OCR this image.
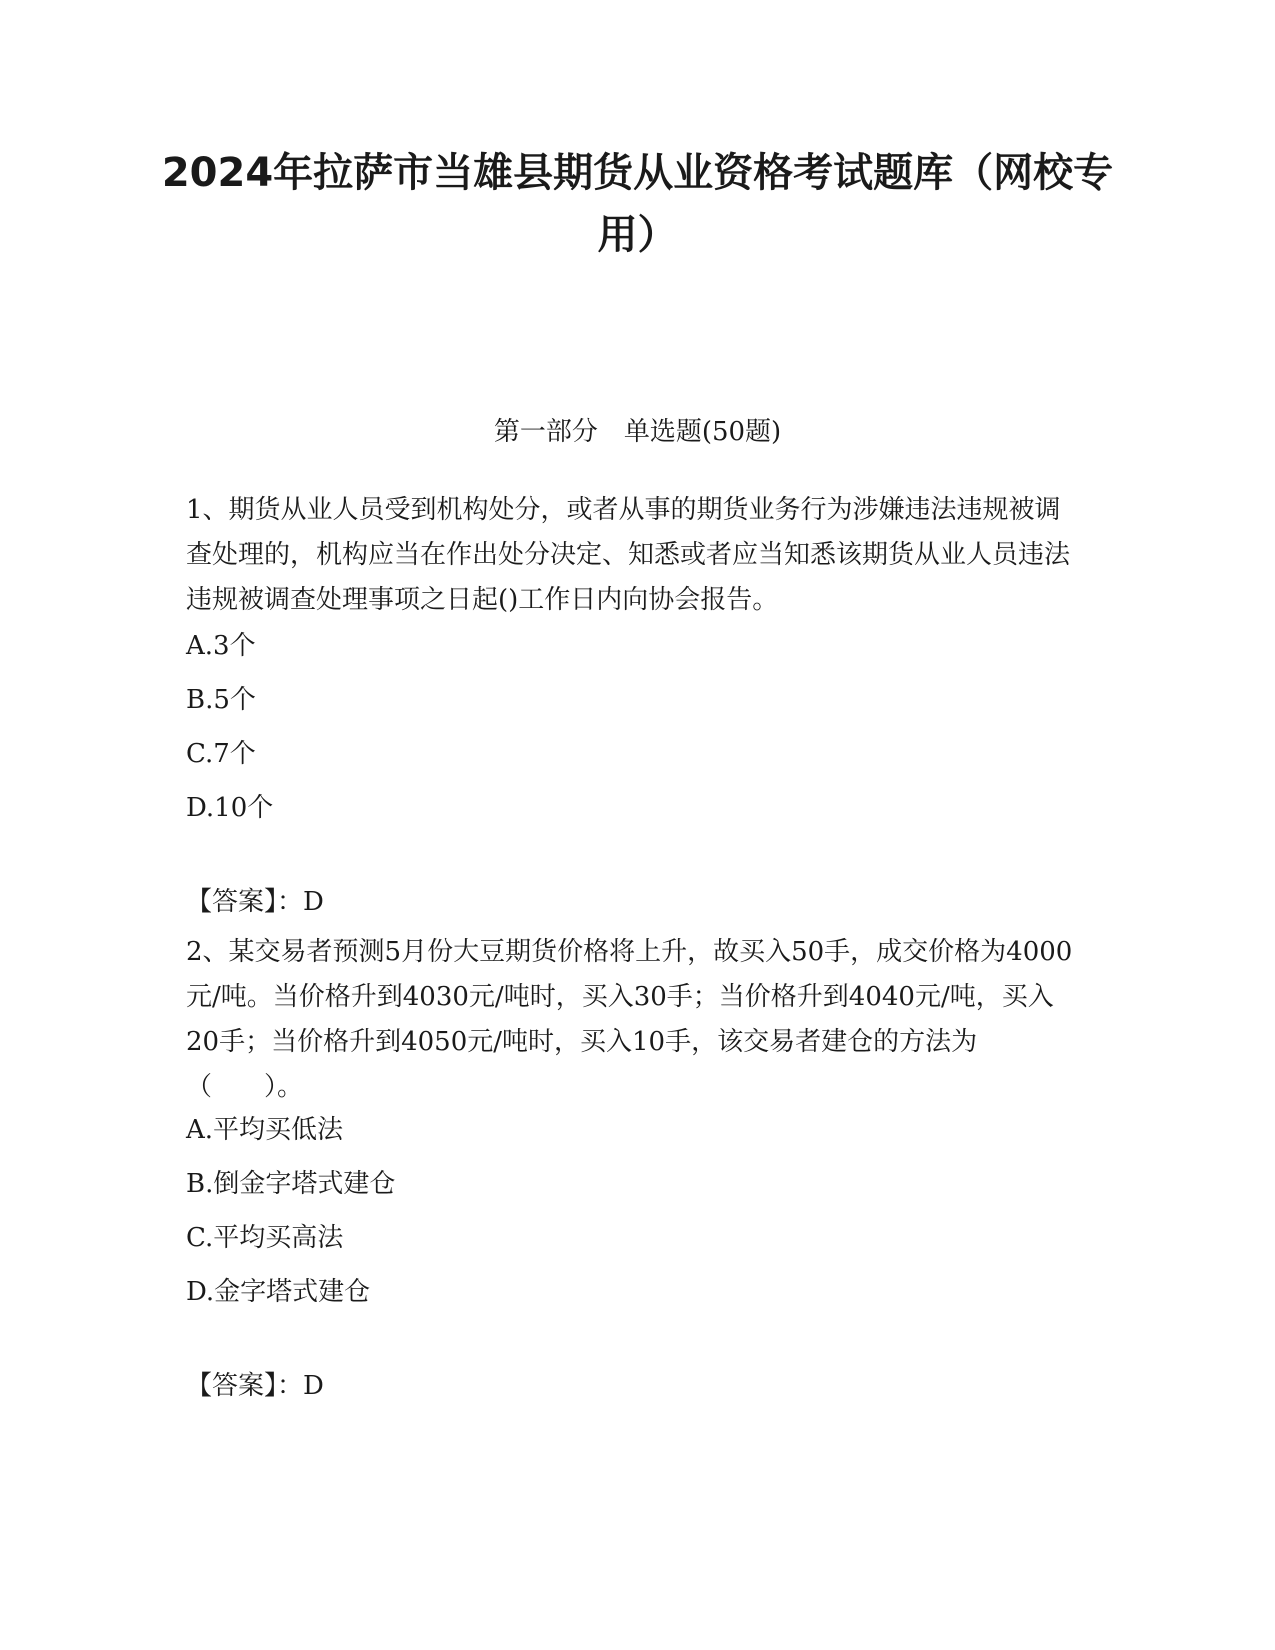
2024年拉萨市当雄县期货从业资格考试题库（网校专用）

第一部分　单选题(50题)

1、期货从业人员受到机构处分，或者从事的期货业务行为涉嫌违法违规被调查处理的，机构应当在作出处分决定、知悉或者应当知悉该期货从业人员违法违规被调查处理事项之日起()工作日内向协会报告。

A.3个

B.5个

C.7个

D.10个

【答案】：D

2、某交易者预测5月份大豆期货价格将上升，故买入50手，成交价格为4000元/吨。当价格升到4030元/吨时，买入30手；当价格升到4040元/吨，买入20手；当价格升到4050元/吨时，买入10手，该交易者建仓的方法为（　　）。

A.平均买低法

B.倒金字塔式建仓

C.平均买高法

D.金字塔式建仓

【答案】：D
